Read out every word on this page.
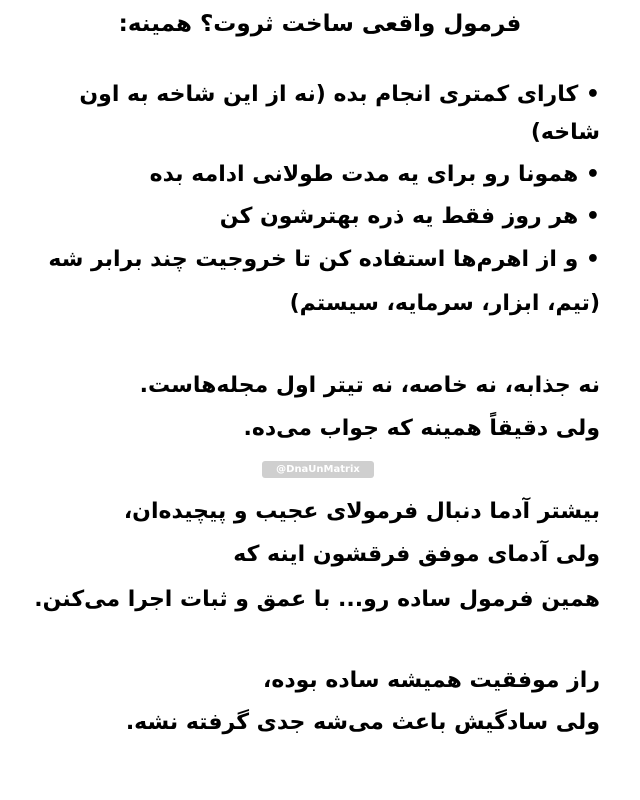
فرمول واقعی ساخت ثروت؟ همینه:
• کارای کمتری انجام بده (نه از این شاخه به اون
شاخه)
• همونا رو برای یه مدت طولانی ادامه بده
• هر روز فقط یه ذره بهترشون کن
• و از اهرم‌ها استفاده کن تا خروجیت چند برابر شه
(تیم، ابزار، سرمایه، سیستم)
نه جذابه، نه خاصه، نه تیتر اول مجله‌هاست.
ولی دقیقاً همینه که جواب می‌ده.
@DnaUnMatrix
بیشتر آدما دنبال فرمولای عجیب و پیچیده‌ان،
ولی آدمای موفق فرقشون اینه که
همین فرمول ساده رو... با عمق و ثبات اجرا می‌کنن.
راز موفقیت همیشه ساده بوده،
ولی سادگیش باعث می‌شه جدی گرفته نشه.
